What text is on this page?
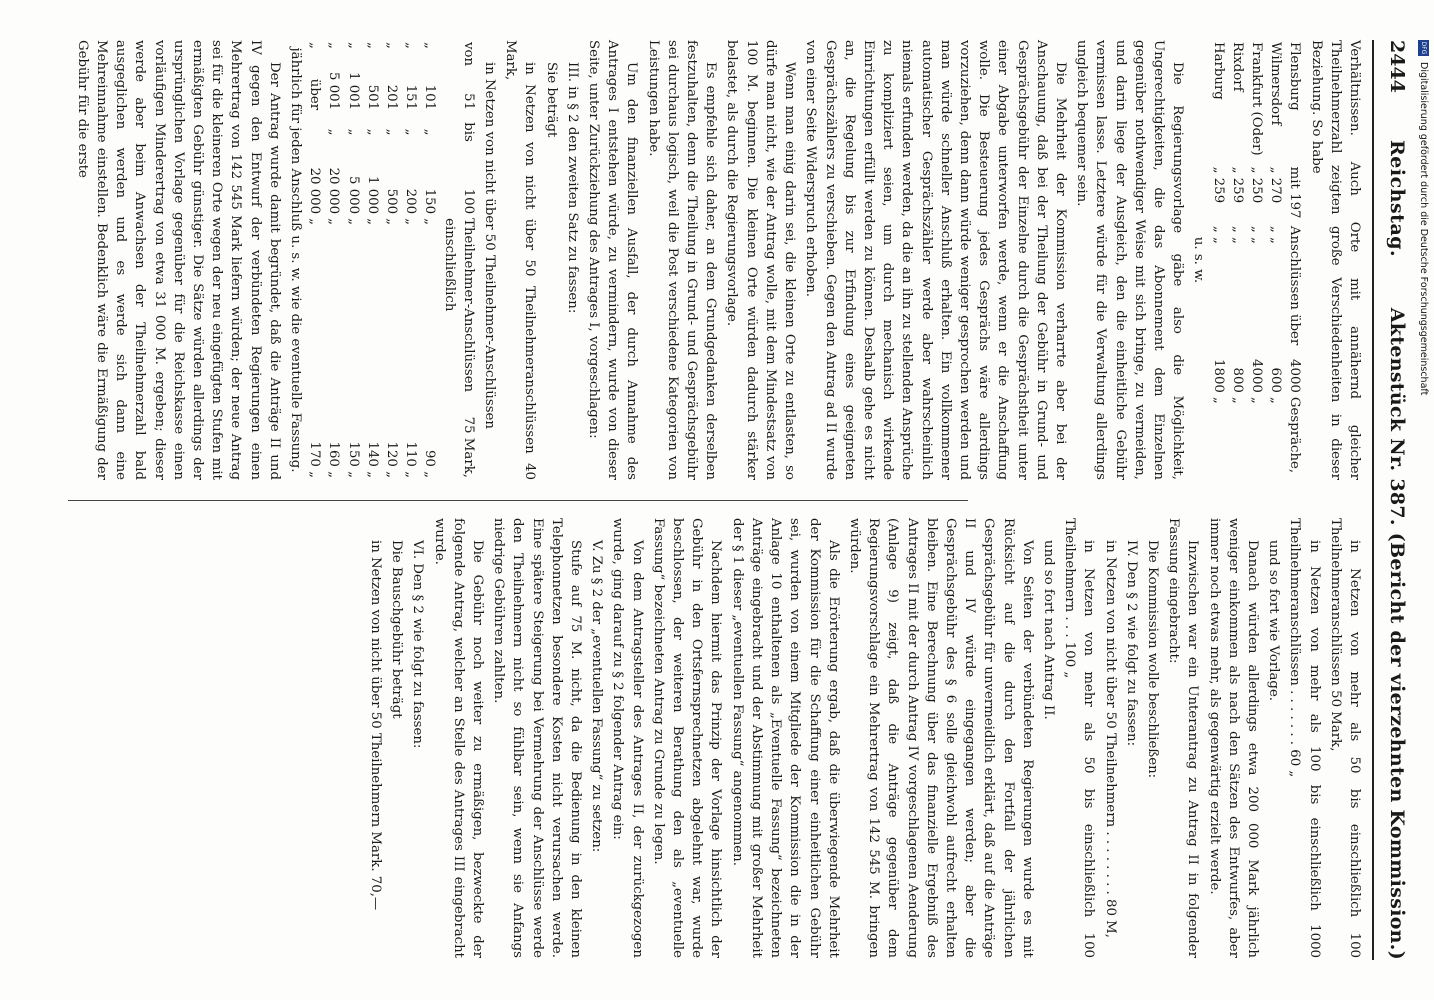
2444
Reichstag.
Aktenstück Nr. 387. (Bericht der vierzehnten Kommission.)

Verhältnissen. Auch Orte mit annähernd gleicher Theilnehmerzahl zeigten große Verschiedenheiten in dieser Beziehung. So habe

Flensburg	mit 197	Anschlüssen über	4000	Gespräche,
Wilmersdorf	„ 270	„ „	600	„
Frankfurt (Oder)	„ 250	„ „	4000	„
Rixdorf	„ 259	„ „	800	„
Harburg	„ 259	„ „	1800	„

u. s. w.

Die Regierungsvorlage gäbe also die Möglichkeit, Ungerechtigkeiten, die das Abonnement dem Einzelnen gegenüber nothwendiger Weise mit sich bringe, zu vermeiden, und darin liege der Ausgleich, den die einheitliche Gebühr vermissen lasse. Letztere würde für die Verwaltung allerdings ungleich bequemer sein.

Die Mehrheit der Kommission verharrte aber bei der Anschauung, daß bei der Theilung der Gebühr in Grund- und Gesprächsgebühr der Einzelne durch die Gesprächstheit unter einer Abgabe unterworfen werde, wenn er die Anschaffung wolle. Die Besteuerung jedes Gesprächs wäre allerdings vorzuziehen, denn dann würde weniger gesprochen werden und man würde schneller Anschluß erhalten. Ein vollkommener automatischer Gesprächszähler werde aber wahrscheinlich niemals erfunden werden, da die an ihn zu stellenden Ansprüche zu kompliziert seien, um durch mechanisch wirkende Einrichtungen erfüllt werden zu können. Deshalb gehe es nicht an, die Regelung bis zur Erfindung eines geeigneten Gesprächszählers zu verschieben. Gegen den Antrag ad II wurde von einer Seite Widerspruch erhoben.

Wenn man einig darin sei, die kleinen Orte zu entlasten, so dürfe man nicht, wie der Antrag wolle, mit dem Mindestsatz von 100 M. beginnen. Die kleinen Orte würden dadurch stärker belastet, als durch die Regierungsvorlage.

Es empfehle sich daher, an dem Grundgedanken derselben festzuhalten, denn die Theilung in Grund- und Gesprächsgebühr sei durchaus logisch, weil die Post verschiedene Kategorien von Leistungen habe.

Um den finanziellen Ausfall, der durch Annahme des Antrages I entstehen würde, zu vermindern, wurde von dieser Seite, unter Zurückziehung des Antrages I, vorgeschlagen:

III. in § 2 den zweiten Satz zu fassen:

Sie beträgt

in Netzen von nicht über 50 Theilnehmeranschlüssen 40 Mark,

in Netzen von nicht über 50 Theilnehmer-Anschlüssen

von	51	bis	100	Theilnehmer-Anschlüssen einschließlich	75 Mark,
„	101	„	150	„	90 „
„	151	„	200	„	110 „
„	201	„	500	„	120 „
„	501	„	1 000	„	140 „
„	1 001	„	5 000	„	150 „
„	5 001	„	20 000	„	160 „
„	über		20 000	„	170 „

jährlich für jeden Anschluß u. s. w. wie die eventuelle Fassung.

Der Antrag wurde damit begründet, daß die Anträge II und IV gegen den Entwurf der verbündeten Regierungen einen Mehrertrag von 142 545 Mark liefern würden; der neue Antrag sei für die kleineren Orte wegen der neu eingefügten Stufen mit ermäßigten Gebühr günstiger. Die Sätze würden allerdings der ursprünglichen Vorlage gegenüber für die Reichskasse einen vorläufigen Minderertrag von etwa 31 000 M. ergeben; dieser werde aber beim Anwachsen der Theilnehmerzahl bald ausgeglichen werden und es werde sich dann eine Mehreinnahme einstellen. Bedenklich wäre die Ermäßigung der Gebühr für die erste

in Netzen von mehr als 50 bis einschließlich 100 Theilnehmeranschlüssen 50 Mark,

in Netzen von mehr als 100 bis einschließlich 1000 Theilnehmeranschlüssen . . . . . . . 60 „

und so fort wie Vorlage.

Danach würden allerdings etwa 200 000 Mark jährlich weniger einkommen als nach den Sätzen des Entwurfes, aber immer noch etwas mehr, als gegenwärtig erzielt werde.

Inzwischen war ein Unterantrag zu Antrag II in folgender Fassung eingebracht:

Die Kommission wolle beschließen:

IV. Den § 2 wie folgt zu fassen:

in Netzen von nicht über 50 Theilnehmern . . . . . . . . 80 M,

in Netzen von mehr als 50 bis einschließlich 100 Theilnehmern . . . 100 „

und so fort nach Antrag II.

Von Seiten der verbündeten Regierungen wurde es mit Rücksicht auf die durch den Fortfall der jährlichen Gesprächsgebühr für unvermeidlich erklärt, daß auf die Anträge II und IV würde eingegangen werden; aber die Gesprächsgebühr des § 6 solle gleichwohl aufrecht erhalten bleiben. Eine Berechnung über das finanzielle Ergebniß des Antrages II mit der durch Antrag IV vorgeschlagenen Aenderung (Anlage 9) zeigt, daß die Anträge gegenüber dem Regierungsvorschlage ein Mehrertrag von 142 545 M. bringen würden.

Als die Erörterung ergab, daß die überwiegende Mehrheit der Kommission für die Schaffung einer einheitlichen Gebühr sei, wurden von einem Mitgliede der Kommission die in der Anlage 10 enthaltenen als „Eventuelle Fassung“ bezeichneten Anträge eingebracht und der Abstimmung mit großer Mehrheit der § 1 dieser „eventuellen Fassung“ angenommen.

Nachdem hiermit das Prinzip der Vorlage hinsichtlich der Gebühr in den Ortsfernsprechnetzen abgelehnt war, wurde beschlossen, der weiteren Berathung den als „eventuelle Fassung“ bezeichneten Antrag zu Grunde zu legen.

Von dem Antragsteller des Antrages II, der zurückgezogen wurde, ging darauf zu § 2 folgender Antrag ein:

V. Zu § 2 der „eventuellen Fassung“ zu setzen:

Stufe auf 75 M. nicht, da die Bedienung in den kleinen Telephonnetzen besondere Kosten nicht verursachen werde. Eine spätere Steigerung bei Vermehrung der Anschlüsse werde den Theilnehmern nicht so fühlbar sein, wenn sie Anfangs niedrige Gebühren zahlten.

Die Gebühr noch weiter zu ermäßigen, bezweckte der folgende Antrag, welcher an Stelle des Antrages III eingebracht wurde.

VI. Den § 2 wie folgt zu fassen:

Die Bauschgebühr beträgt

in Netzen von nicht über 50 Theilnehmern Mark. 70,—

DFGDigitalisierung gefördert durch die Deutsche Forschungsgemeinschaft
